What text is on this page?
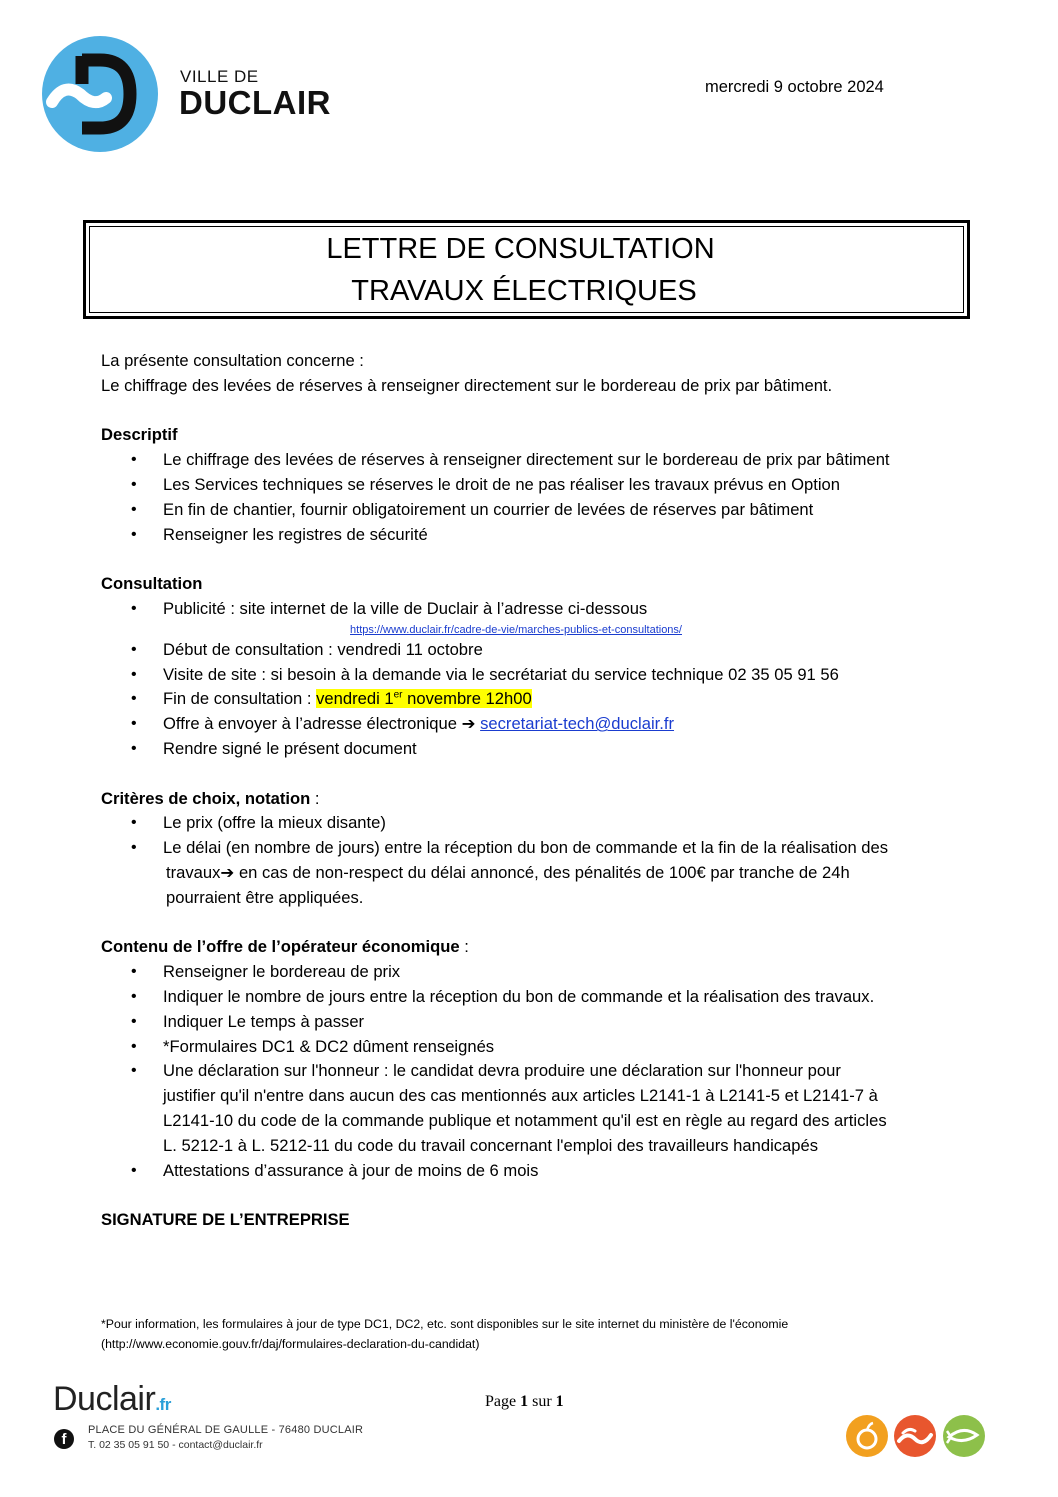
VILLE DE
DUCLAIR	mercredi 9 octobre 2024
LETTRE DE CONSULTATION
TRAVAUX ÉLECTRIQUES

La présente consultation concerne :

Le chiffrage des levées de réserves à renseigner directement sur le bordereau de prix par bâtiment.

Descriptif

• Le chiffrage des levées de réserves à renseigner directement sur le bordereau de prix par bâtiment
• Les Services techniques se réserves le droit de ne pas réaliser les travaux prévus en Option
• En fin de chantier, fournir obligatoirement un courrier de levées de réserves par bâtiment
• Renseigner les registres de sécurité

Consultation

• Publicité : site internet de la ville de Duclair à l’adresse ci-dessous
https://www.duclair.fr/cadre-de-vie/marches-publics-et-consultations/
• Début de consultation : vendredi 11 octobre
• Visite de site : si besoin à la demande via le secrétariat du service technique 02 35 05 91 56
• Fin de consultation : vendredi 1er novembre 12h00
• Offre à envoyer à l’adresse électronique ➔ secretariat-tech@duclair.fr
• Rendre signé le présent document

Critères de choix, notation :

• Le prix (offre la mieux disante)
• Le délai (en nombre de jours) entre la réception du bon de commande et la fin de la réalisation des
travaux➔ en cas de non-respect du délai annoncé, des pénalités de 100€ par tranche de 24h
pourraient être appliquées.

Contenu de l’offre de l’opérateur économique :

• Renseigner le bordereau de prix
• Indiquer le nombre de jours entre la réception du bon de commande et la réalisation des travaux.
• Indiquer Le temps à passer
• *Formulaires DC1 & DC2 dûment renseignés
• Une déclaration sur l'honneur : le candidat devra produire une déclaration sur l'honneur pour
justifier qu'il n'entre dans aucun des cas mentionnés aux articles L2141-1 à L2141-5 et L2141-7 à
L2141-10 du code de la commande publique et notamment qu'il est en règle au regard des articles
L. 5212-1 à L. 5212-11 du code du travail concernant l'emploi des travailleurs handicapés
• Attestations d’assurance à jour de moins de 6 mois

SIGNATURE DE L’ENTREPRISE

*Pour information, les formulaires à jour de type DC1, DC2, etc. sont disponibles sur le site internet du ministère de l'économie
(http://www.economie.gouv.fr/daj/formulaires-declaration-du-candidat)
Page 1 sur 1
Duclair.fr
f
PLACE DU GÉNÉRAL DE GAULLE - 76480 DUCLAIR
T. 02 35 05 91 50 - contact@duclair.fr
